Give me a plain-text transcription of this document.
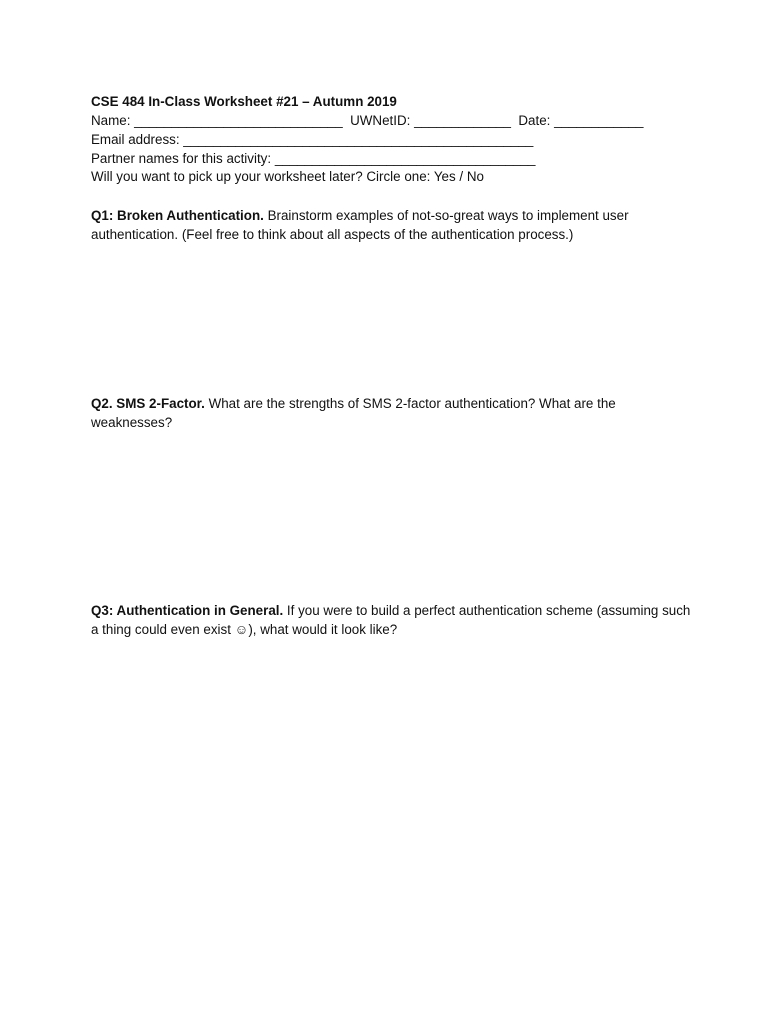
CSE 484 In-Class Worksheet #21 – Autumn 2019
Name: ____________________________  UWNetID: _____________  Date: ____________
Email address: _______________________________________________
Partner names for this activity: ___________________________________
Will you want to pick up your worksheet later? Circle one: Yes / No
Q1: Broken Authentication. Brainstorm examples of not-so-great ways to implement user authentication. (Feel free to think about all aspects of the authentication process.)
Q2. SMS 2-Factor. What are the strengths of SMS 2-factor authentication? What are the weaknesses?
Q3: Authentication in General. If you were to build a perfect authentication scheme (assuming such a thing could even exist ☺), what would it look like?
